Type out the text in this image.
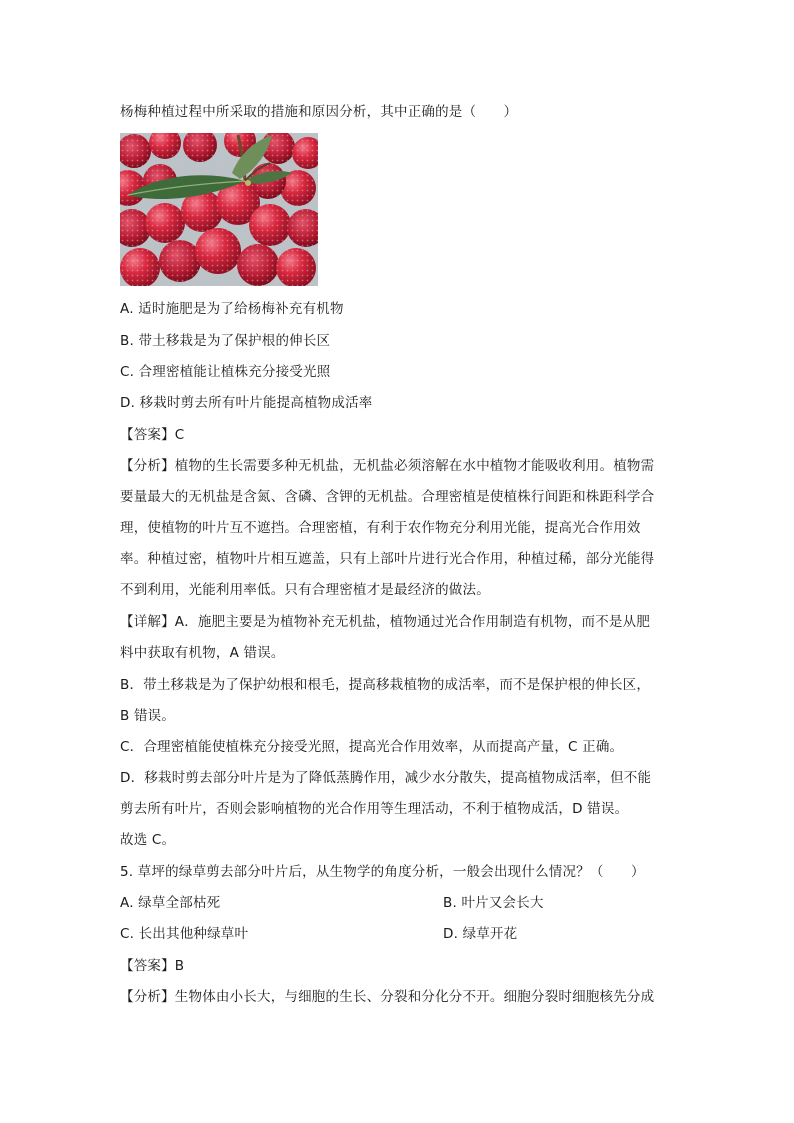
杨梅种植过程中所采取的措施和原因分析，其中正确的是（　　）
A. 适时施肥是为了给杨梅补充有机物
B. 带土移栽是为了保护根的伸长区
C. 合理密植能让植株充分接受光照
D. 移栽时剪去所有叶片能提高植物成活率
【答案】C
【分析】植物的生长需要多种无机盐，无机盐必须溶解在水中植物才能吸收利用。植物需
要量最大的无机盐是含氮、含磷、含钾的无机盐。合理密植是使植株行间距和株距科学合
理，使植物的叶片互不遮挡。合理密植，有利于农作物充分利用光能，提高光合作用效
率。种植过密，植物叶片相互遮盖，只有上部叶片进行光合作用，种植过稀，部分光能得
不到利用，光能利用率低。只有合理密植才是最经济的做法。
【详解】A．施肥主要是为植物补充无机盐，植物通过光合作用制造有机物，而不是从肥
料中获取有机物，A 错误。
B．带土移栽是为了保护幼根和根毛，提高移栽植物的成活率，而不是保护根的伸长区，
B 错误。
C．合理密植能使植株充分接受光照，提高光合作用效率，从而提高产量，C 正确。
D．移栽时剪去部分叶片是为了降低蒸腾作用，减少水分散失，提高植物成活率，但不能
剪去所有叶片，否则会影响植物的光合作用等生理活动，不利于植物成活，D 错误。
故选 C。
5. 草坪的绿草剪去部分叶片后，从生物学的角度分析，一般会出现什么情况？（　　）
A. 绿草全部枯死	B. 叶片又会长大
C. 长出其他种绿草叶	D. 绿草开花
【答案】B
【分析】生物体由小长大，与细胞的生长、分裂和分化分不开。细胞分裂时细胞核先分成
